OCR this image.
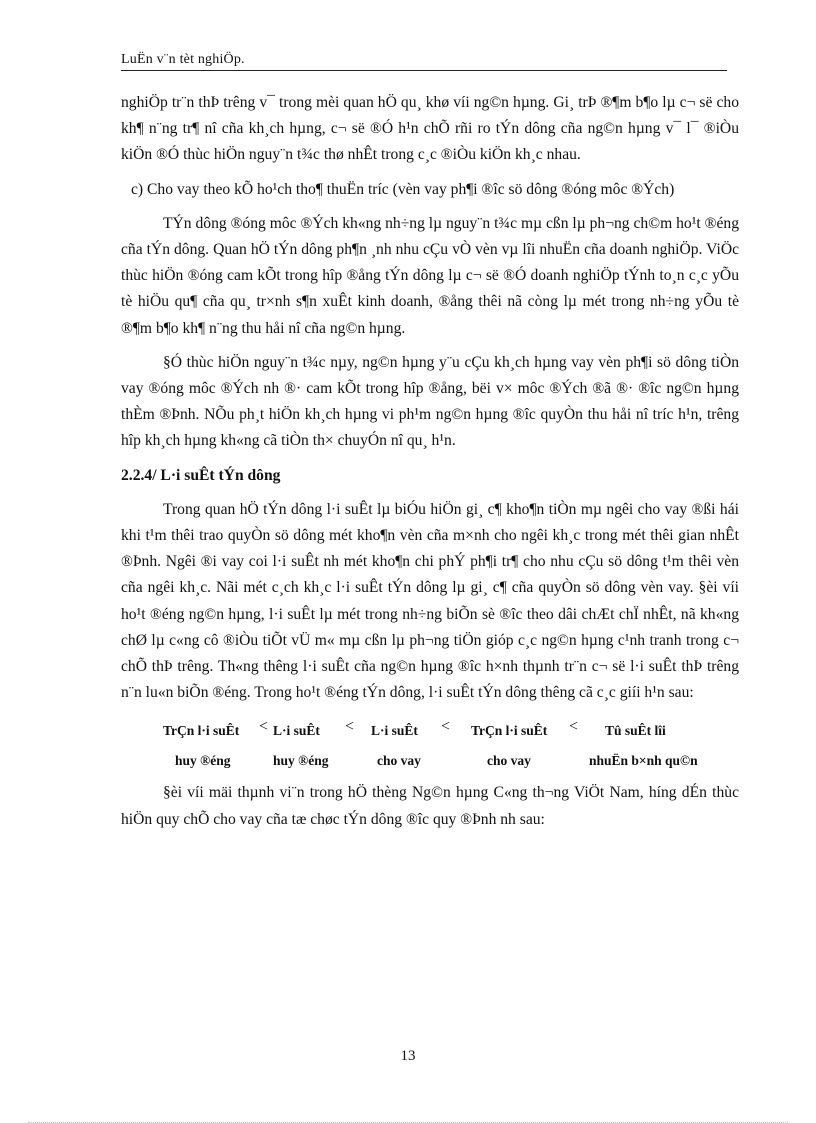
LuËn v¨n tèt nghiÖp.

nghiÖp tr¨n thÞ trêng v¯ trong mèi quan hÖ qu¸ khø víi ng©n hµng. Gi¸ trÞ ®¶m b¶o lµ c¬ së cho kh¶ n¨ng tr¶ nî cña kh¸ch hµng, c¬ së ®Ó h¹n chÕ rñi ro tÝn dông cña ng©n hµng v¯ l¯ ®iÒu kiÖn ®Ó thùc hiÖn nguy¨n t¾c thø nhÊt trong c¸c ®iÒu kiÖn kh¸c nhau.

c) Cho vay theo kÕ ho¹ch tho¶ thuËn tríc (vèn vay ph¶i ®îc sö dông ®óng môc ®Ých)

TÝn dông ®óng môc ®Ých kh«ng nh÷ng lµ nguy¨n t¾c mµ cßn lµ ph¬ng ch©m ho¹t ®éng cña tÝn dông. Quan hÖ tÝn dông ph¶n ¸nh nhu cÇu vÒ vèn vµ lîi nhuËn cña doanh nghiÖp. ViÖc thùc hiÖn ®óng cam kÕt trong hîp ®ång tÝn dông lµ c¬ së ®Ó doanh nghiÖp tÝnh to¸n c¸c yÕu tè hiÖu qu¶ cña qu¸ tr×nh s¶n xuÊt kinh doanh, ®ång thêi nã còng lµ mét trong nh÷ng yÕu tè ®¶m b¶o kh¶ n¨ng thu håi nî cña ng©n hµng.

§Ó thùc hiÖn nguy¨n t¾c nµy, ng©n hµng y¨u cÇu kh¸ch hµng vay vèn ph¶i sö dông tiÒn vay ®óng môc ®Ých nh ®· cam kÕt trong hîp ®ång, bëi v× môc ®Ých ®ã ®· ®îc ng©n hµng thÈm ®Þnh. NÕu ph¸t hiÖn kh¸ch hµng vi ph¹m ng©n hµng ®îc quyÒn thu håi nî tríc h¹n, trêng hîp kh¸ch hµng kh«ng cã tiÒn th× chuyÓn nî qu¸ h¹n.

2.2.4/ L·i suÊt tÝn dông

Trong quan hÖ tÝn dông l·i suÊt lµ biÓu hiÖn gi¸ c¶ kho¶n tiÒn mµ ngêi cho vay ®ßi hái khi t¹m thêi trao quyÒn sö dông mét kho¶n vèn cña m×nh cho ngêi kh¸c trong mét thêi gian nhÊt ®Þnh. Ngêi ®i vay coi l·i suÊt nh mét kho¶n chi phÝ ph¶i tr¶ cho nhu cÇu sö dông t¹m thêi vèn cña ngêi kh¸c. Nãi mét c¸ch kh¸c l·i suÊt tÝn dông lµ gi¸ c¶ cña quyÒn sö dông vèn vay. §èi víi ho¹t ®éng ng©n hµng, l·i suÊt lµ mét trong nh÷ng biÕn sè ®îc theo dâi chÆt chÏ nhÊt, nã kh«ng chØ lµ c«ng cô ®iÒu tiÕt vÜ m« mµ cßn lµ ph¬ng tiÖn gióp c¸c ng©n hµng c¹nh tranh trong c¬ chÕ thÞ trêng. Th«ng thêng l·i suÊt cña ng©n hµng ®îc h×nh thµnh tr¨n c¬ së l·i suÊt thÞ trêng n¨n lu«n biÕn ®éng. Trong ho¹t ®éng tÝn dông, l·i suÊt tÝn dông thêng cã c¸c giíi h¹n sau:

TrÇn l·i suÊt < L·i suÊt < L·i suÊt < TrÇn l·i suÊt < Tû suÊt lîi
huy ®éng	huy ®éng	cho vay	cho vay	nhuËn b×nh qu©n

§èi víi mäi thµnh vi¨n trong hÖ thèng Ng©n hµng C«ng th¬ng ViÖt Nam, híng dÉn thùc hiÖn quy chÕ cho vay cña tæ chøc tÝn dông ®îc quy ®Þnh nh sau:

13
